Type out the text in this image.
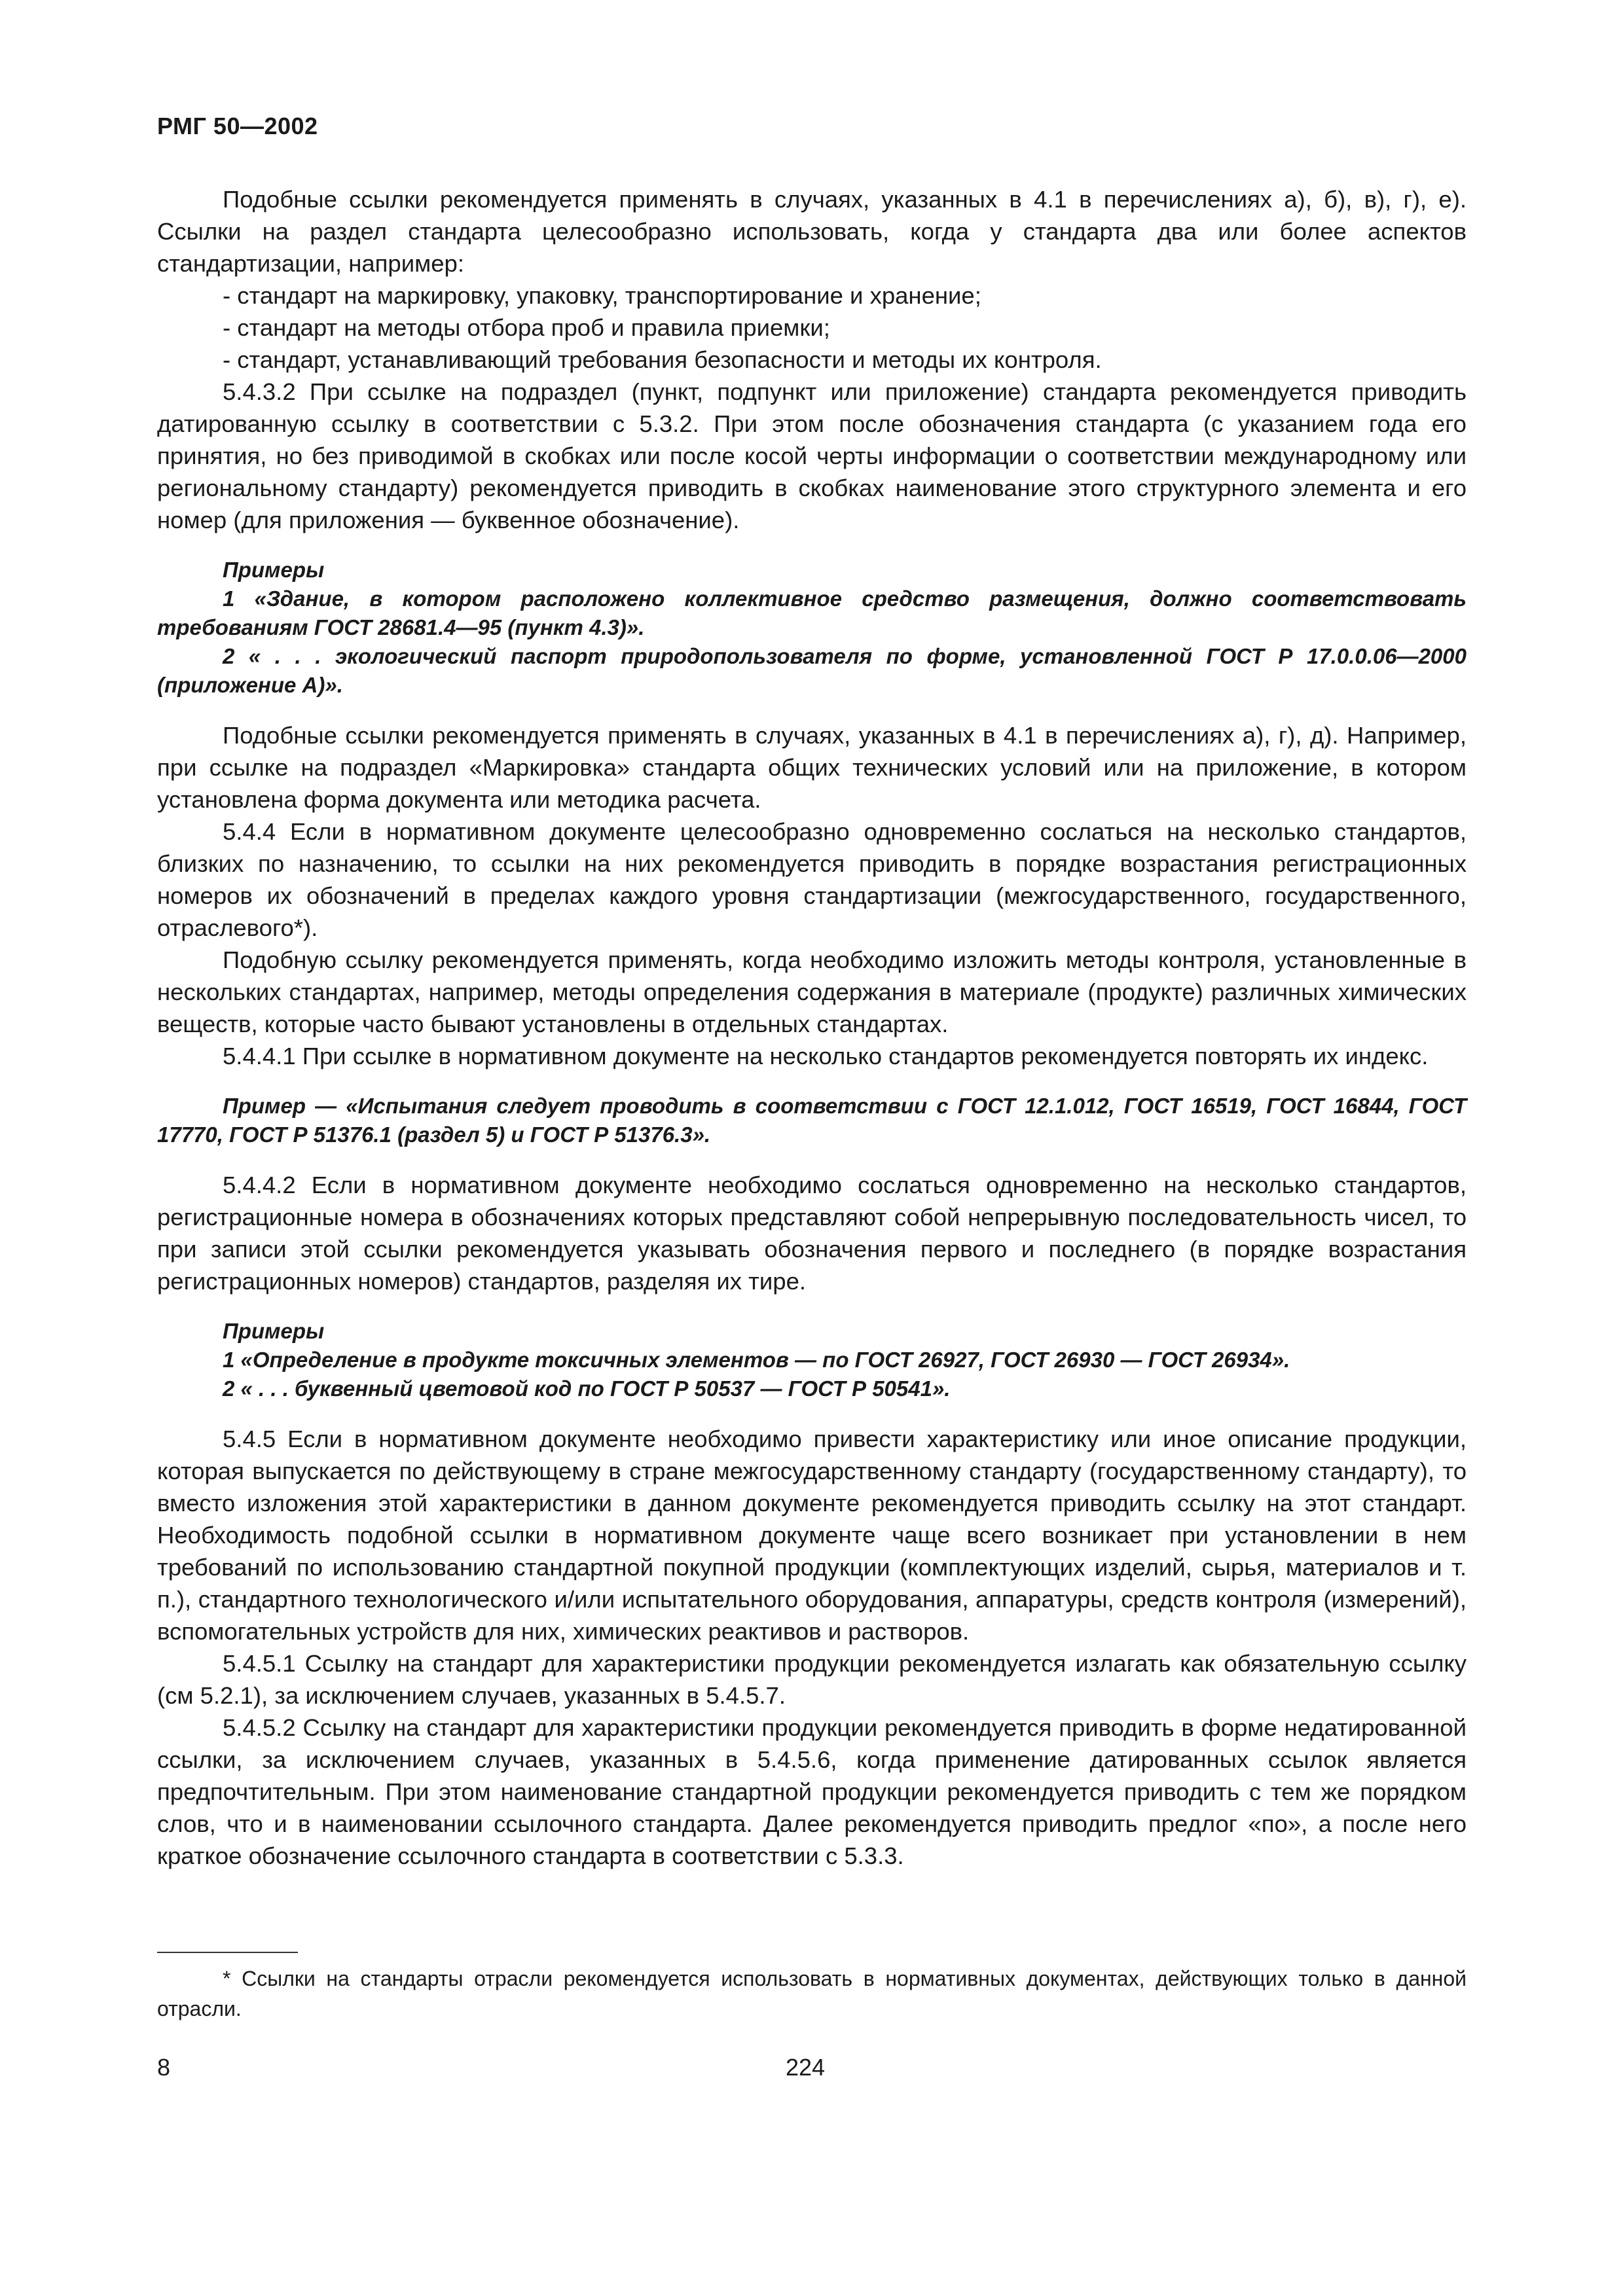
РМГ 50—2002

Подобные ссылки рекомендуется применять в случаях, указанных в 4.1 в перечислениях а), б), в), г), е). Ссылки на раздел стандарта целесообразно использовать, когда у стандарта два или более аспектов стандартизации, например:

- стандарт на маркировку, упаковку, транспортирование и хранение;

- стандарт на методы отбора проб и правила приемки;

- стандарт, устанавливающий требования безопасности и методы их контроля.

5.4.3.2 При ссылке на подраздел (пункт, подпункт или приложение) стандарта рекомендуется приводить датированную ссылку в соответствии с 5.3.2. При этом после обозначения стандарта (с указанием года его принятия, но без приводимой в скобках или после косой черты информации о соответствии международному или региональному стандарту) рекомендуется приводить в скобках наименование этого структурного элемента и его номер (для приложения — буквенное обозначение).

Примеры

1 «Здание, в котором расположено коллективное средство размещения, должно соответствовать требованиям ГОСТ 28681.4—95 (пункт 4.3)».

2 « . . . экологический паспорт природопользователя по форме, установленной ГОСТ Р 17.0.0.06—2000 (приложение А)».

Подобные ссылки рекомендуется применять в случаях, указанных в 4.1 в перечислениях а), г), д). Например, при ссылке на подраздел «Маркировка» стандарта общих технических условий или на приложение, в котором установлена форма документа или методика расчета.

5.4.4 Если в нормативном документе целесообразно одновременно сослаться на несколько стандартов, близких по назначению, то ссылки на них рекомендуется приводить в порядке возрастания регистрационных номеров их обозначений в пределах каждого уровня стандартизации (межгосударственного, государственного, отраслевого*).

Подобную ссылку рекомендуется применять, когда необходимо изложить методы контроля, установленные в нескольких стандартах, например, методы определения содержания в материале (продукте) различных химических веществ, которые часто бывают установлены в отдельных стандартах.

5.4.4.1 При ссылке в нормативном документе на несколько стандартов рекомендуется повторять их индекс.

Пример — «Испытания следует проводить в соответствии с ГОСТ 12.1.012, ГОСТ 16519, ГОСТ 16844, ГОСТ 17770, ГОСТ Р 51376.1 (раздел 5) и ГОСТ Р 51376.3».

5.4.4.2 Если в нормативном документе необходимо сослаться одновременно на несколько стандартов, регистрационные номера в обозначениях которых представляют собой непрерывную последовательность чисел, то при записи этой ссылки рекомендуется указывать обозначения первого и последнего (в порядке возрастания регистрационных номеров) стандартов, разделяя их тире.

Примеры

1 «Определение в продукте токсичных элементов — по ГОСТ 26927, ГОСТ 26930 — ГОСТ 26934».

2 « . . . буквенный цветовой код по ГОСТ Р 50537 — ГОСТ Р 50541».

5.4.5 Если в нормативном документе необходимо привести характеристику или иное описание продукции, которая выпускается по действующему в стране межгосударственному стандарту (государственному стандарту), то вместо изложения этой характеристики в данном документе рекомендуется приводить ссылку на этот стандарт. Необходимость подобной ссылки в нормативном документе чаще всего возникает при установлении в нем требований по использованию стандартной покупной продукции (комплектующих изделий, сырья, материалов и т. п.), стандартного технологического и/или испытательного оборудования, аппаратуры, средств контроля (измерений), вспомогательных устройств для них, химических реактивов и растворов.

5.4.5.1 Ссылку на стандарт для характеристики продукции рекомендуется излагать как обязательную ссылку (см 5.2.1), за исключением случаев, указанных в 5.4.5.7.

5.4.5.2 Ссылку на стандарт для характеристики продукции рекомендуется приводить в форме недатированной ссылки, за исключением случаев, указанных в 5.4.5.6, когда применение датированных ссылок является предпочтительным. При этом наименование стандартной продукции рекомендуется приводить с тем же порядком слов, что и в наименовании ссылочного стандарта. Далее рекомендуется приводить предлог «по», а после него краткое обозначение ссылочного стандарта в соответствии с 5.3.3.

* Ссылки на стандарты отрасли рекомендуется использовать в нормативных документах, действующих только в данной отрасли.
8	224
